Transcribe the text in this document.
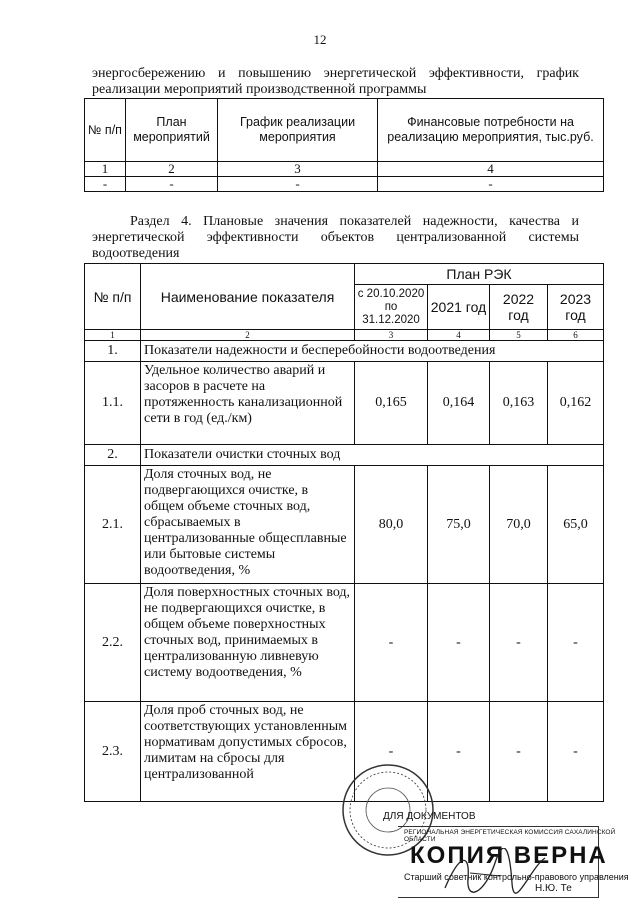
12
энергосбережению и повышению энергетической эффективности, график реализации мероприятий производственной программы
№ п/п	План мероприятий	График реализации мероприятия	Финансовые потребности на реализацию мероприятия, тыс.руб.
1	2	3	4
-	-	-	-
Раздел 4. Плановые значения показателей надежности, качества и энергетической эффективности объектов централизованной системы водоотведения
№ п/п	Наименование показателя	План РЭК			
		с 20.10.2020 по 31.12.2020	2021 год	2022 год	2023 год
1	2	3	4	5	6
1.	Показатели надежности и бесперебойности водоотведения				
1.1.	Удельное количество аварий и засоров в расчете на протяженность канализационной сети в год (ед./км)	0,165	0,164	0,163	0,162
2.	Показатели очистки сточных вод				
2.1.	Доля сточных вод, не подвергающихся очистке, в общем объеме сточных вод, сбрасываемых в централизованные общесплавные или бытовые системы водоотведения, %	80,0	75,0	70,0	65,0
2.2.	Доля поверхностных сточных вод, не подвергающихся очистке, в общем объеме поверхностных сточных вод, принимаемых в централизованную ливневую систему водоотведения, %	-	-	-	-
2.3.	Доля проб сточных вод, не соответствующих установленным нормативам допустимых сбросов, лимитам на сбросы для централизованной	-	-	-	-
ДЛЯ ДОКУМЕНТОВ
РЕГИОНАЛЬНАЯ ЭНЕРГЕТИЧЕСКАЯ КОМИССИЯ САХАЛИНСКОЙ ОБЛАСТИ
КОПИЯ ВЕРНА
Старший советник контрольно-правового управления
Н.Ю. Те
